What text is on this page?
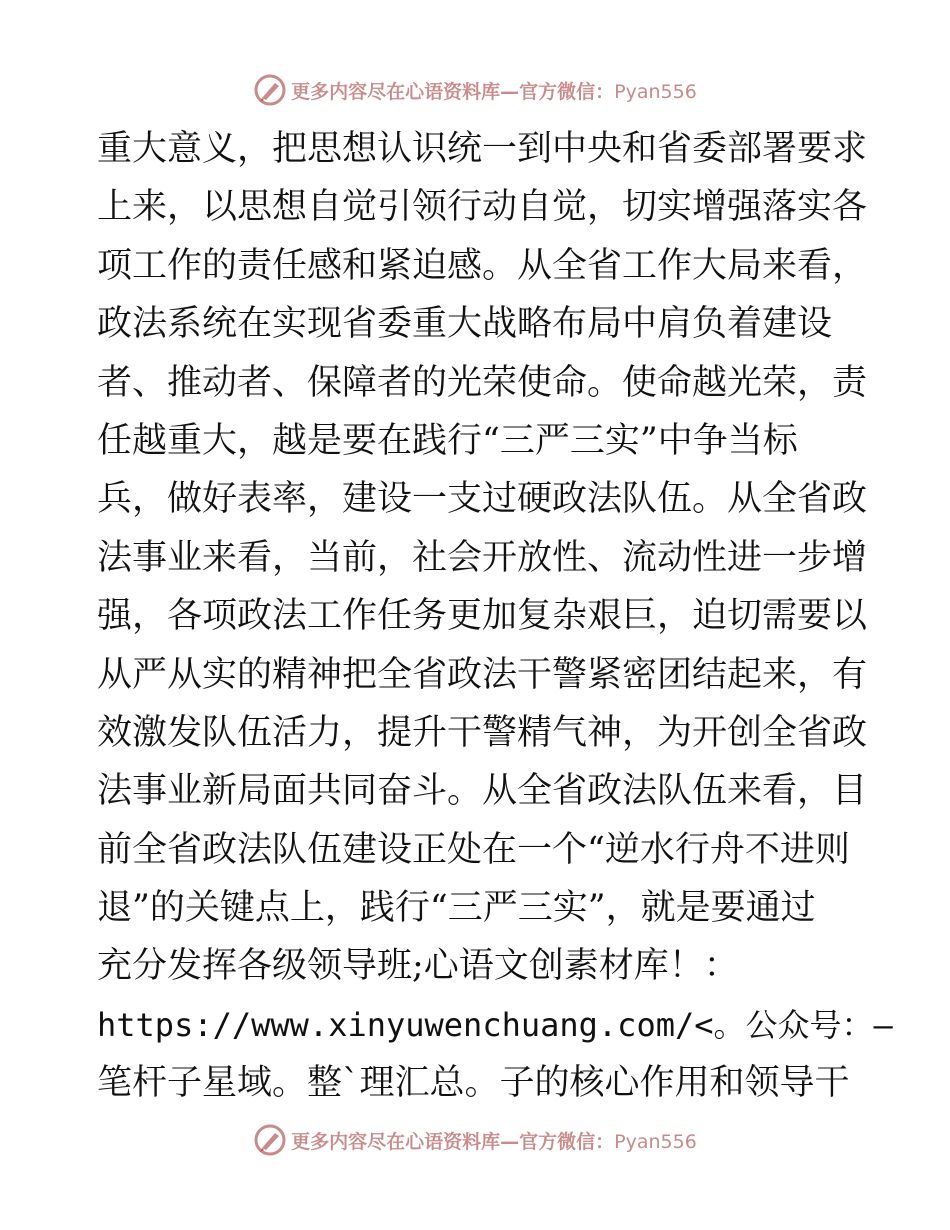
更多内容尽在心语资料库—官方微信：Pyan556
重大意义，把思想认识统一到中央和省委部署要求
上来，以思想自觉引领行动自觉，切实增强落实各
项工作的责任感和紧迫感。从全省工作大局来看，
政法系统在实现省委重大战略布局中肩负着建设
者、推动者、保障者的光荣使命。使命越光荣，责
任越重大，越是要在践行“三严三实”中争当标
兵，做好表率，建设一支过硬政法队伍。从全省政
法事业来看，当前，社会开放性、流动性进一步增
强，各项政法工作任务更加复杂艰巨，迫切需要以
从严从实的精神把全省政法干警紧密团结起来，有
效激发队伍活力，提升干警精气神，为开创全省政
法事业新局面共同奋斗。从全省政法队伍来看，目
前全省政法队伍建设正处在一个“逆水行舟不进则
退”的关键点上，践行“三严三实”，就是要通过
充分发挥各级领导班;心语文创素材库！：
https://www.xinyuwenchuang.com/<。公众号：—
笔杆子星域。整ˋ理汇总。子的核心作用和领导干
更多内容尽在心语资料库—官方微信：Pyan556
